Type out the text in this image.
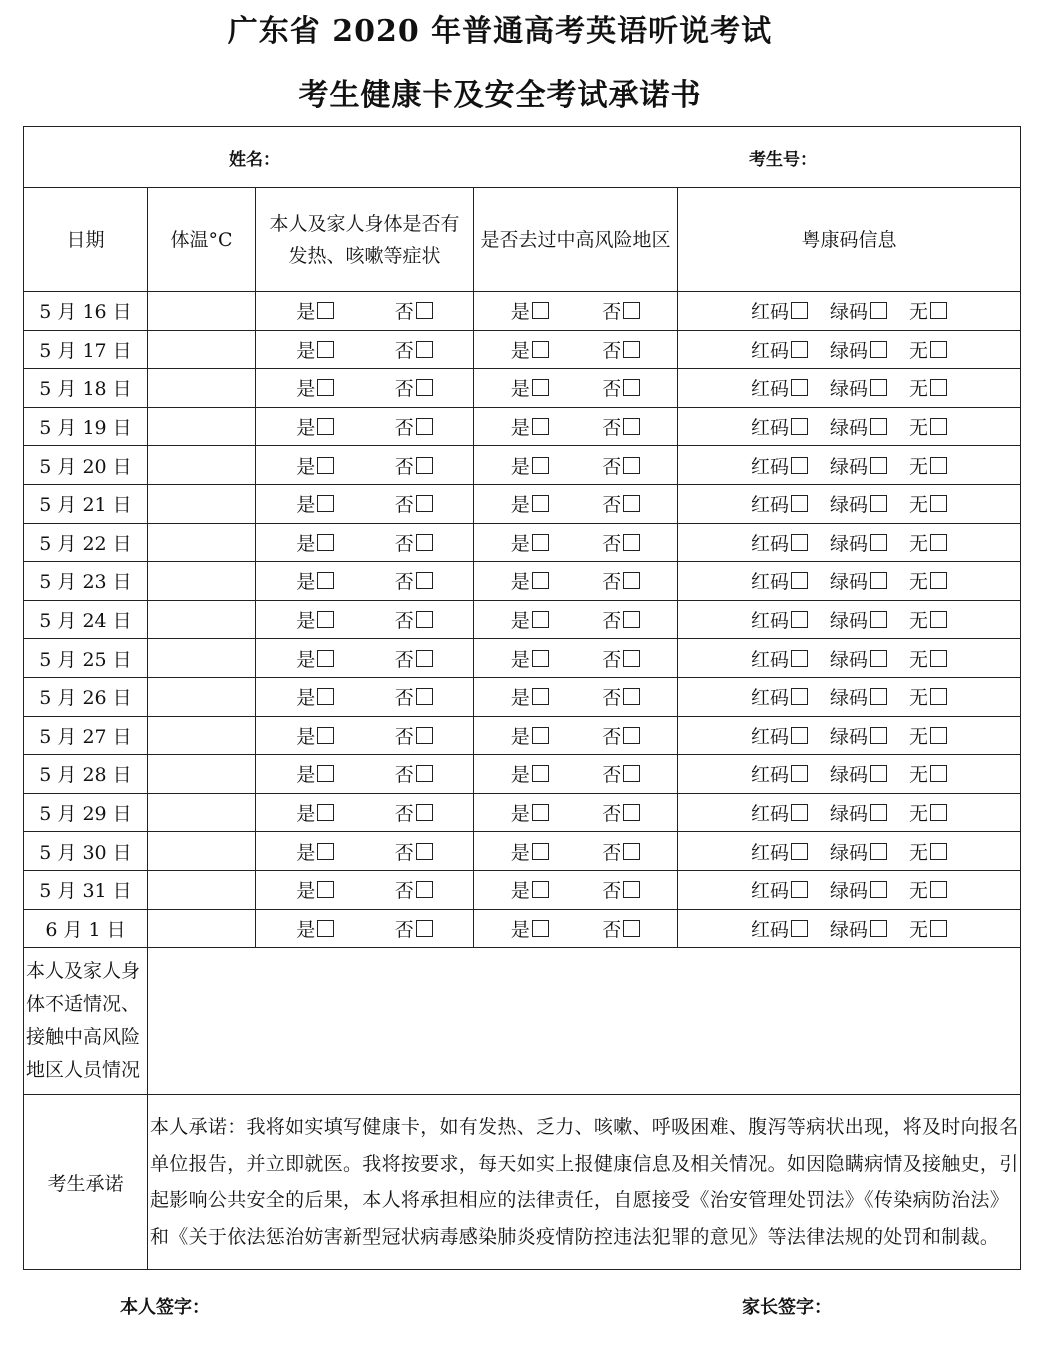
广东省 2020 年普通高考英语听说考试
考生健康卡及安全考试承诺书
姓名： 考生号：				
日期	体温°C	本人及家人身体是否有发热、咳嗽等症状	是否去过中高风险地区	粤康码信息
5 月 16 日		是 否	是 否	红码 绿码 无

5 月 17 日		是 否	是 否	红码 绿码 无

5 月 18 日		是 否	是 否	红码 绿码 无

5 月 19 日		是 否	是 否	红码 绿码 无

5 月 20 日		是 否	是 否	红码 绿码 无

5 月 21 日		是 否	是 否	红码 绿码 无

5 月 22 日		是 否	是 否	红码 绿码 无

5 月 23 日		是 否	是 否	红码 绿码 无

5 月 24 日		是 否	是 否	红码 绿码 无

5 月 25 日		是 否	是 否	红码 绿码 无

5 月 26 日		是 否	是 否	红码 绿码 无

5 月 27 日		是 否	是 否	红码 绿码 无

5 月 28 日		是 否	是 否	红码 绿码 无

5 月 29 日		是 否	是 否	红码 绿码 无

5 月 30 日		是 否	是 否	红码 绿码 无

5 月 31 日		是 否	是 否	红码 绿码 无

6 月 1 日		是 否	是 否	红码 绿码 无

本人及家人身体不适情况、接触中高风险地区人员情况				
考生承诺	本人承诺：我将如实填写健康卡，如有发热、乏力、咳嗽、呼吸困难、腹泻等病状出现，将及时向报名单位报告，并立即就医。我将按要求，每天如实上报健康信息及相关情况。如因隐瞒病情及接触史，引起影响公共安全的后果，本人将承担相应的法律责任，自愿接受《治安管理处罚法》《传染病防治法》和《关于依法惩治妨害新型冠状病毒感染肺炎疫情防控违法犯罪的意见》等法律法规的处罚和制裁。			
本人签字：	家长签字：
